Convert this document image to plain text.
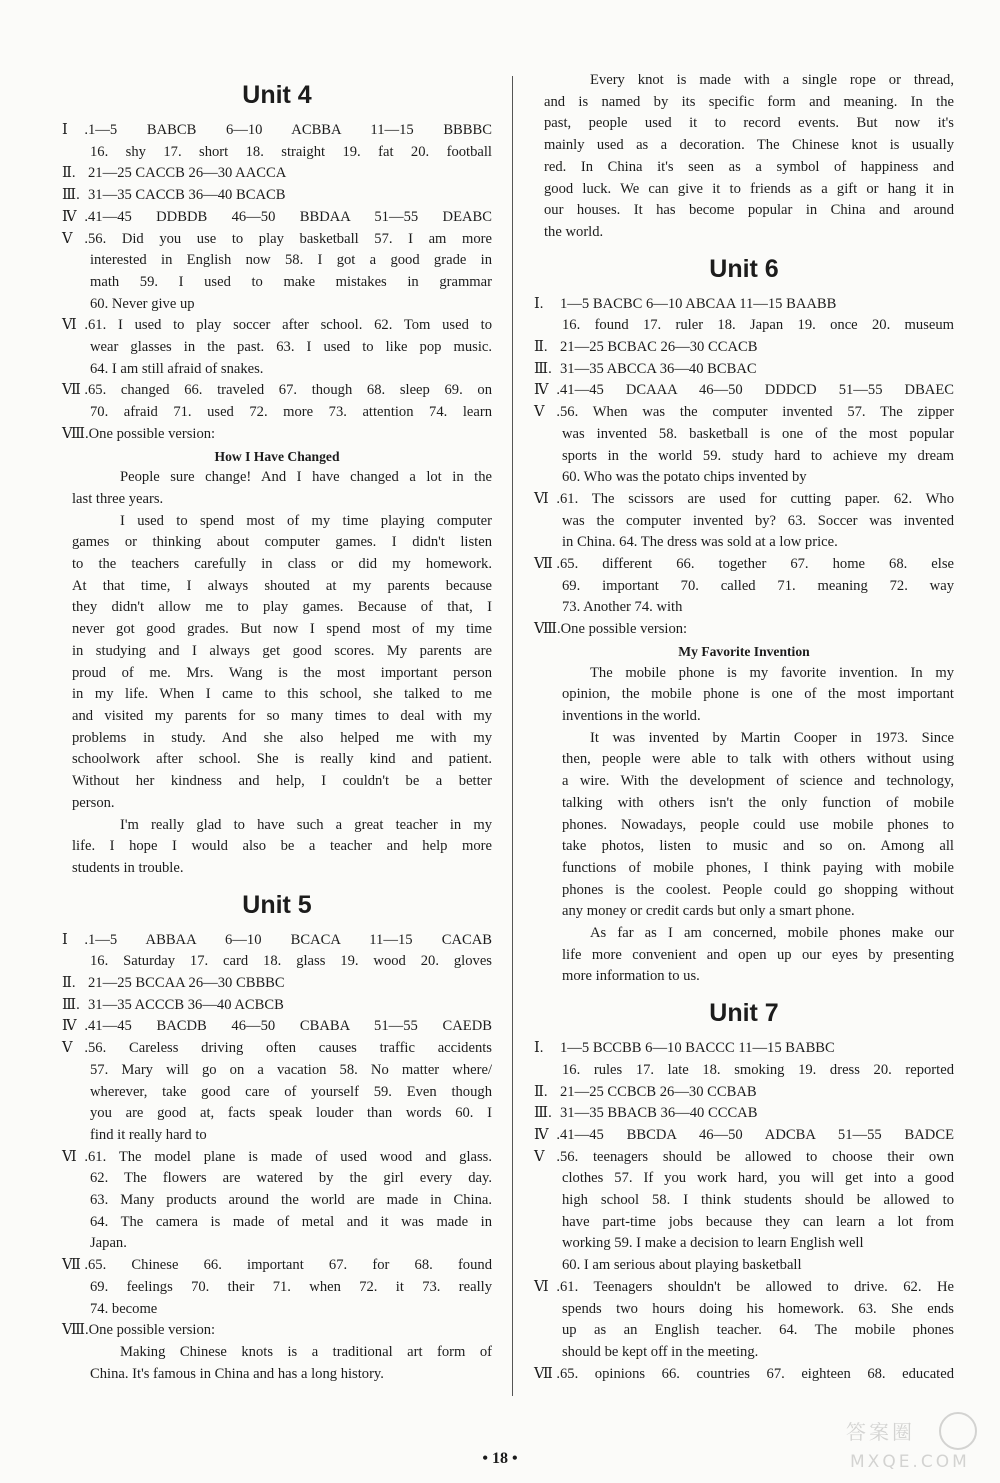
Unit 4
Ⅰ.1—5 BABCB 6—10 ACBBA 11—15 BBBBC
16. shy 17. short 18. straight 19. fat 20. football
Ⅱ. 21—25 CACCB 26—30 AACCA
Ⅲ. 31—35 CACCB 36—40 BCACB
Ⅳ.41—45 DDBDB 46—50 BBDAA 51—55 DEABC
Ⅴ.56. Did you use to play basketball 57. I am more
interested in English now 58. I got a good grade in
math 59. I used to make mistakes in grammar
60. Never give up
Ⅵ.61. I used to play soccer after school. 62. Tom used to
wear glasses in the past. 63. I used to like pop music.
64. I am still afraid of snakes.
Ⅶ.65. changed 66. traveled 67. though 68. sleep 69. on
70. afraid 71. used 72. more 73. attention 74. learn
Ⅷ.One possible version:
How I Have Changed
People sure change! And I have changed a lot in the
last three years.
I used to spend most of my time playing computer
games or thinking about computer games. I didn't listen
to the teachers carefully in class or did my homework.
At that time, I always shouted at my parents because
they didn't allow me to play games. Because of that, I
never got good grades. But now I spend most of my time
in studying and I always get good scores. My parents are
proud of me. Mrs. Wang is the most important person
in my life. When I came to this school, she talked to me
and visited my parents for so many times to deal with my
problems in study. And she also helped me with my
schoolwork after school. She is really kind and patient.
Without her kindness and help, I couldn't be a better
person.
I'm really glad to have such a great teacher in my
life. I hope I would also be a teacher and help more
students in trouble.
Unit 5
Ⅰ.1—5 ABBAA 6—10 BCACA 11—15 CACAB
16. Saturday 17. card 18. glass 19. wood 20. gloves
Ⅱ. 21—25 BCCAA 26—30 CBBBC
Ⅲ. 31—35 ACCCB 36—40 ACBCB
Ⅳ.41—45 BACDB 46—50 CBABA 51—55 CAEDB
Ⅴ.56. Careless driving often causes traffic accidents
57. Mary will go on a vacation 58. No matter where/
wherever, take good care of yourself 59. Even though
you are good at, facts speak louder than words 60. I
find it really hard to
Ⅵ.61. The model plane is made of used wood and glass.
62. The flowers are watered by the girl every day.
63. Many products around the world are made in China.
64. The camera is made of metal and it was made in
Japan.
Ⅶ.65. Chinese 66. important 67. for 68. found
69. feelings 70. their 71. when 72. it 73. really
74. become
Ⅷ.One possible version:
Making Chinese knots is a traditional art form of
China. It's famous in China and has a long history.
Every knot is made with a single rope or thread,
and is named by its specific form and meaning. In the
past, people used it to record events. But now it's
mainly used as a decoration. The Chinese knot is usually
red. In China it's seen as a symbol of happiness and
good luck. We can give it to friends as a gift or hang it in
our houses. It has become popular in China and around
the world.
Unit 6
Ⅰ. 1—5 BACBC 6—10 ABCAA 11—15 BAABB
16. found 17. ruler 18. Japan 19. once 20. museum
Ⅱ. 21—25 BCBAC 26—30 CCACB
Ⅲ. 31—35 ABCCA 36—40 BCBAC
Ⅳ.41—45 DCAAA 46—50 DDDCD 51—55 DBAEC
Ⅴ.56. When was the computer invented 57. The zipper
was invented 58. basketball is one of the most popular
sports in the world 59. study hard to achieve my dream
60. Who was the potato chips invented by
Ⅵ.61. The scissors are used for cutting paper. 62. Who
was the computer invented by? 63. Soccer was invented
in China. 64. The dress was sold at a low price.
Ⅶ.65. different 66. together 67. home 68. else
69. important 70. called 71. meaning 72. way
73. Another 74. with
Ⅷ.One possible version:
My Favorite Invention
The mobile phone is my favorite invention. In my
opinion, the mobile phone is one of the most important
inventions in the world.
It was invented by Martin Cooper in 1973. Since
then, people were able to talk with others without using
a wire. With the development of science and technology,
talking with others isn't the only function of mobile
phones. Nowadays, people could use mobile phones to
take photos, listen to music and so on. Among all
functions of mobile phones, I think paying with mobile
phones is the coolest. People could go shopping without
any money or credit cards but only a smart phone.
As far as I am concerned, mobile phones make our
life more convenient and open up our eyes by presenting
more information to us.
Unit 7
Ⅰ. 1—5 BCCBB 6—10 BACCC 11—15 BABBC
16. rules 17. late 18. smoking 19. dress 20. reported
Ⅱ. 21—25 CCBCB 26—30 CCBAB
Ⅲ. 31—35 BBACB 36—40 CCCAB
Ⅳ.41—45 BBCDA 46—50 ADCBA 51—55 BADCE
Ⅴ.56. teenagers should be allowed to choose their own
clothes 57. If you work hard, you will get into a good
high school 58. I think students should be allowed to
have part-time jobs because they can learn a lot from
working 59. I make a decision to learn English well
60. I am serious about playing basketball
Ⅵ.61. Teenagers shouldn't be allowed to drive. 62. He
spends two hours doing his homework. 63. She ends
up as an English teacher. 64. The mobile phones
should be kept off in the meeting.
Ⅶ.65. opinions 66. countries 67. eighteen 68. educated
• 18 •
答案圈
MXQE.COM
